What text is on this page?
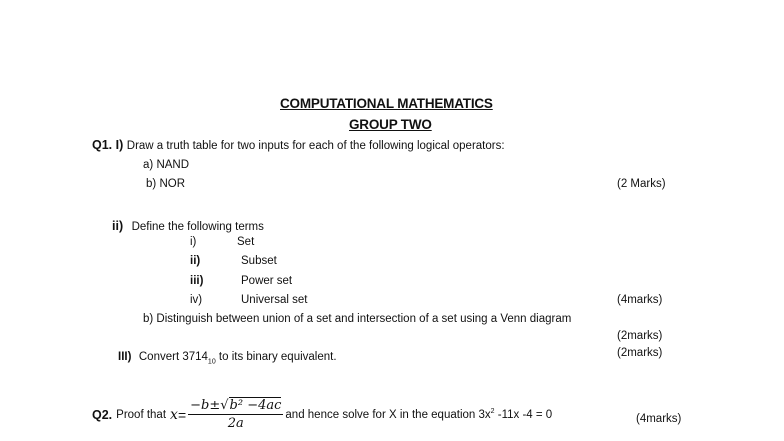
COMPUTATIONAL MATHEMATICS
GROUP TWO
Q1. I) Draw a truth table for two inputs for each of the following logical operators:
a) NAND
b) NOR	(2 Marks)
ii) Define the following terms
i)	Set
ii)	Subset
iii)	Power set
iv)	Universal set	(4marks)
b) Distinguish between union of a set and intersection of a set using a Venn diagram
(2marks)
III) Convert $3714_{10}$ to its binary equivalent.	(2marks)
Q2. Proof that $x = \frac{\text{−b±√b² −4ac}}{2a}$ and hence solve for X in the equation $3x^2$ -11x -4 = 0	(4marks)
